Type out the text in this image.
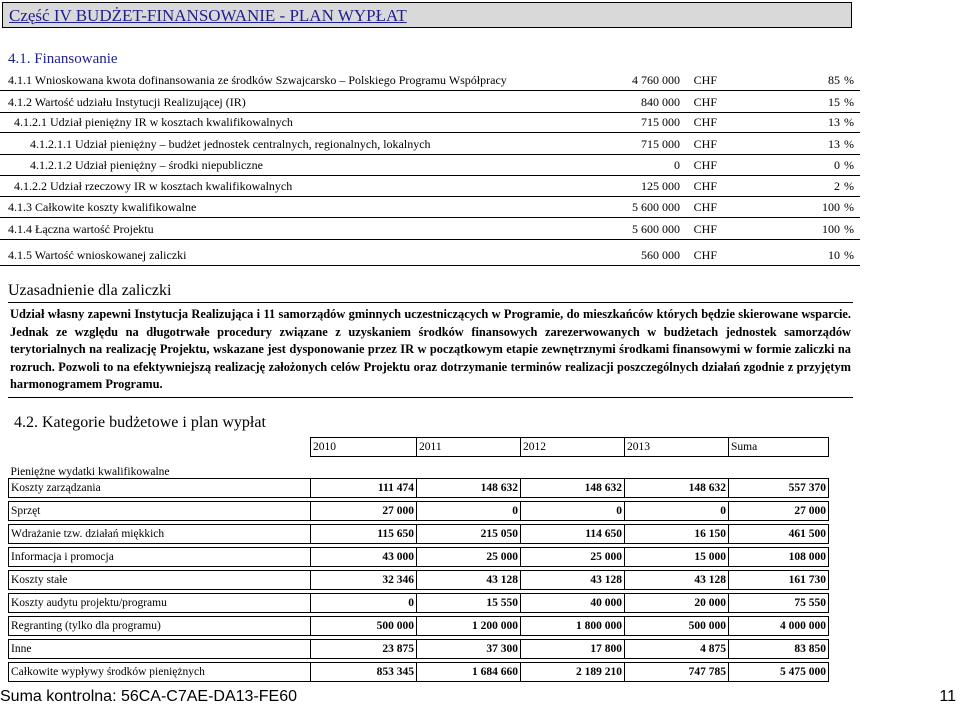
Część IV BUDŻET-FINANSOWANIE - PLAN WYPŁAT
4.1. Finansowanie
4.1.1 Wnioskowana kwota dofinansowania ze środków Szwajcarsko – Polskiego Programu Współpracy	4 760 000 CHF	85 %
4.1.2 Wartość udziału Instytucji Realizującej (IR)	840 000 CHF	15 %
4.1.2.1 Udział pieniężny IR w kosztach kwalifikowalnych	715 000 CHF	13 %
4.1.2.1.1 Udział pieniężny – budżet jednostek centralnych, regionalnych, lokalnych	715 000 CHF	13 %
4.1.2.1.2 Udział pieniężny – środki niepubliczne	0 CHF	0 %
4.1.2.2 Udział rzeczowy IR w kosztach kwalifikowalnych	125 000 CHF	2 %
4.1.3 Całkowite koszty kwalifikowalne	5 600 000 CHF	100 %
4.1.4 Łączna wartość Projektu	5 600 000 CHF	100 %
4.1.5 Wartość wnioskowanej zaliczki	560 000 CHF	10 %
Uzasadnienie dla zaliczki
Udział własny zapewni Instytucja Realizująca i 11 samorządów gminnych uczestniczących w Programie, do mieszkańców których będzie skierowane wsparcie. Jednak ze względu na długotrwałe procedury związane z uzyskaniem środków finansowych zarezerwowanych w budżetach jednostek samorządów terytorialnych na realizację Projektu, wskazane jest dysponowanie przez IR w początkowym etapie zewnętrznymi środkami finansowymi w formie zaliczki na rozruch. Pozwoli to na efektywniejszą realizację założonych celów Projektu oraz dotrzymanie terminów realizacji poszczególnych działań zgodnie z przyjętym harmonogramem Programu.
4.2. Kategorie budżetowe i plan wypłat
	2010	2011	2012	2013	Suma
Pieniężne wydatki kwalifikowalne					
Koszty zarządzania	111 474	148 632	148 632	148 632	557 370

Sprzęt	27 000	0	0	0	27 000

Wdrażanie tzw. działań miękkich	115 650	215 050	114 650	16 150	461 500

Informacja i promocja	43 000	25 000	25 000	15 000	108 000

Koszty stałe	32 346	43 128	43 128	43 128	161 730

Koszty audytu projektu/programu	0	15 550	40 000	20 000	75 550

Regranting (tylko dla programu)	500 000	1 200 000	1 800 000	500 000	4 000 000

Inne	23 875	37 300	17 800	4 875	83 850

Całkowite wypływy środków pieniężnych	853 345	1 684 660	2 189 210	747 785	5 475 000
Suma kontrolna: 56CA-C7AE-DA13-FE60	11
